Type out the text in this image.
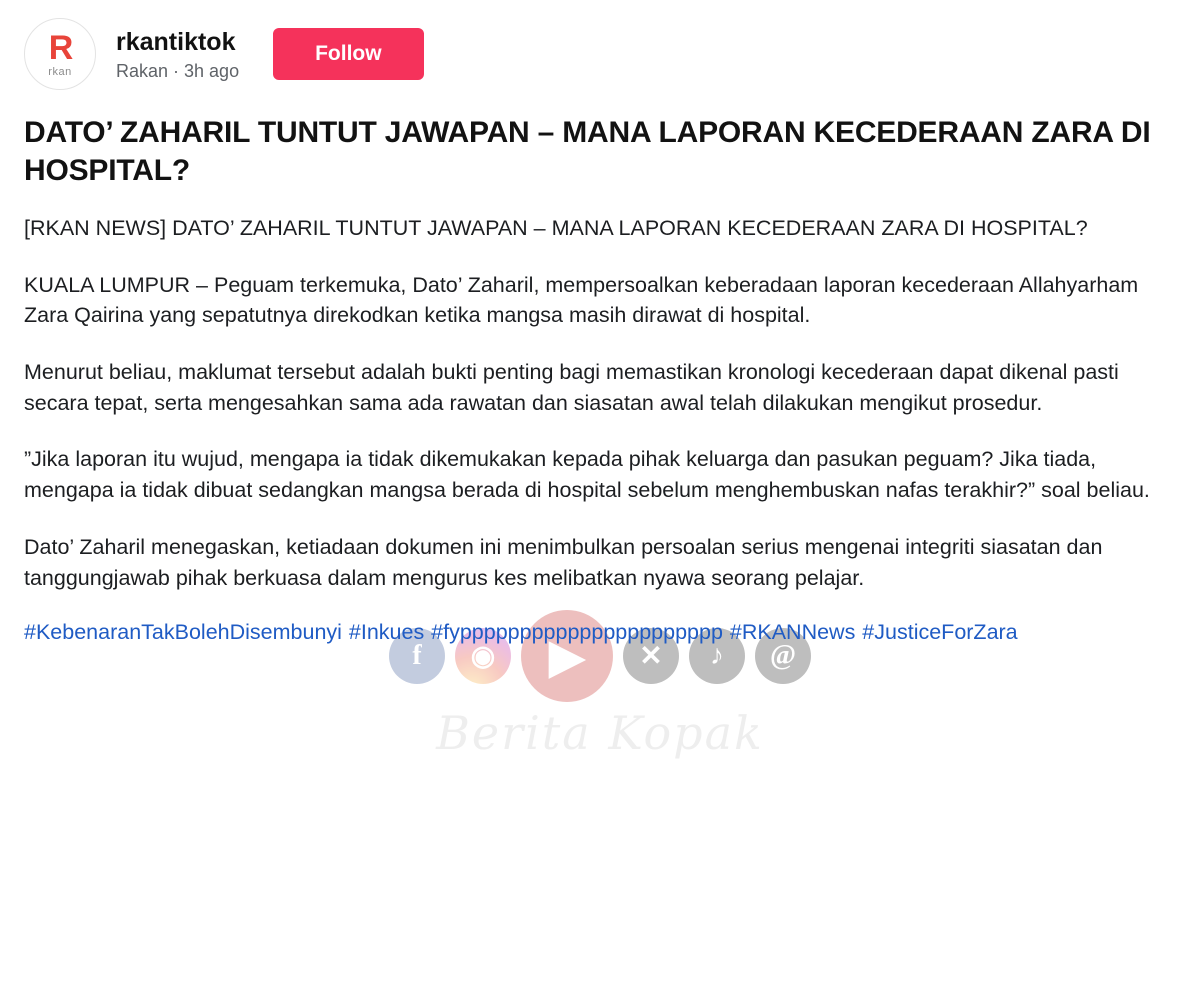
f	◉	▶	✕	♪	@
Berita Kopak
R
rkan
rkantiktok
Rakan · 3h ago
Follow
DATO’ ZAHARIL TUNTUT JAWAPAN – MANA LAPORAN KECEDERAAN ZARA DI HOSPITAL?

[RKAN NEWS] DATO’ ZAHARIL TUNTUT JAWAPAN – MANA LAPORAN KECEDERAAN ZARA DI HOSPITAL?

KUALA LUMPUR – Peguam terkemuka, Dato’ Zaharil, mempersoalkan keberadaan laporan kecederaan Allahyarham Zara Qairina yang sepatutnya direkodkan ketika mangsa masih dirawat di hospital.

Menurut beliau, maklumat tersebut adalah bukti penting bagi memastikan kronologi kecederaan dapat dikenal pasti secara tepat, serta mengesahkan sama ada rawatan dan siasatan awal telah dilakukan mengikut prosedur.

”Jika laporan itu wujud, mengapa ia tidak dikemukakan kepada pihak keluarga dan pasukan peguam? Jika tiada, mengapa ia tidak dibuat sedangkan mangsa berada di hospital sebelum menghembuskan nafas terakhir?” soal beliau.

Dato’ Zaharil menegaskan, ketiadaan dokumen ini menimbulkan persoalan serius mengenai integriti siasatan dan tanggungjawab pihak berkuasa dalam mengurus kes melibatkan nyawa seorang pelajar.

#KebenaranTakBolehDisembunyi #Inkues #fypppppppppppppppppppppp #RKANNews #JusticeForZara
